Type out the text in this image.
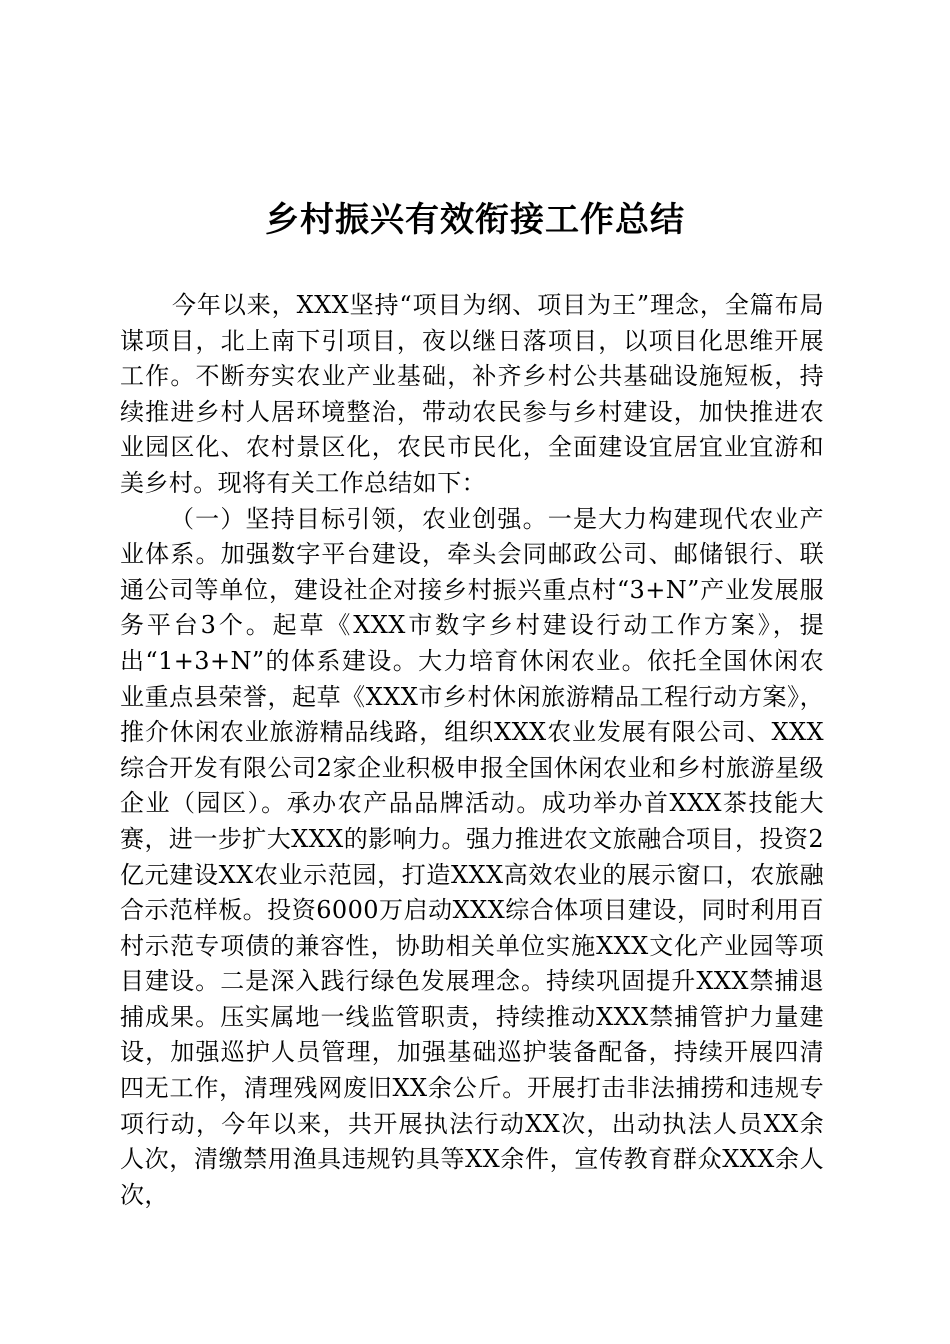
乡村振兴有效衔接工作总结

今年以来，XXX坚持“项目为纲、项目为王”理念，全篇布局谋项目，北上南下引项目，夜以继日落项目，以项目化思维开展工作。不断夯实农业产业基础，补齐乡村公共基础设施短板，持续推进乡村人居环境整治，带动农民参与乡村建设，加快推进农业园区化、农村景区化，农民市民化，全面建设宜居宜业宜游和美乡村。现将有关工作总结如下：

（一）坚持目标引领，农业创强。一是大力构建现代农业产业体系。加强数字平台建设，牵头会同邮政公司、邮储银行、联通公司等单位，建设社企对接乡村振兴重点村“3+N”产业发展服务平台3个。起草《XXX市数字乡村建设行动工作方案》，提出“1+3+N”的体系建设。大力培育休闲农业。依托全国休闲农业重点县荣誉，起草《XXX市乡村休闲旅游精品工程行动方案》，推介休闲农业旅游精品线路，组织XXX农业发展有限公司、XXX综合开发有限公司2家企业积极申报全国休闲农业和乡村旅游星级企业（园区）。承办农产品品牌活动。成功举办首XXX茶技能大赛，进一步扩大XXX的影响力。强力推进农文旅融合项目，投资2亿元建设XX农业示范园，打造XXX高效农业的展示窗口，农旅融合示范样板。投资6000万启动XXX综合体项目建设，同时利用百村示范专项债的兼容性，协助相关单位实施XXX文化产业园等项目建设。二是深入践行绿色发展理念。持续巩固提升XXX禁捕退捕成果。压实属地一线监管职责，持续推动XXX禁捕管护力量建设，加强巡护人员管理，加强基础巡护装备配备，持续开展四清四无工作，清理残网废旧XX余公斤。开展打击非法捕捞和违规专项行动，今年以来，共开展执法行动XX次，出动执法人员XX余人次，清缴禁用渔具违规钓具等XX余件，宣传教育群众XXX余人次，
